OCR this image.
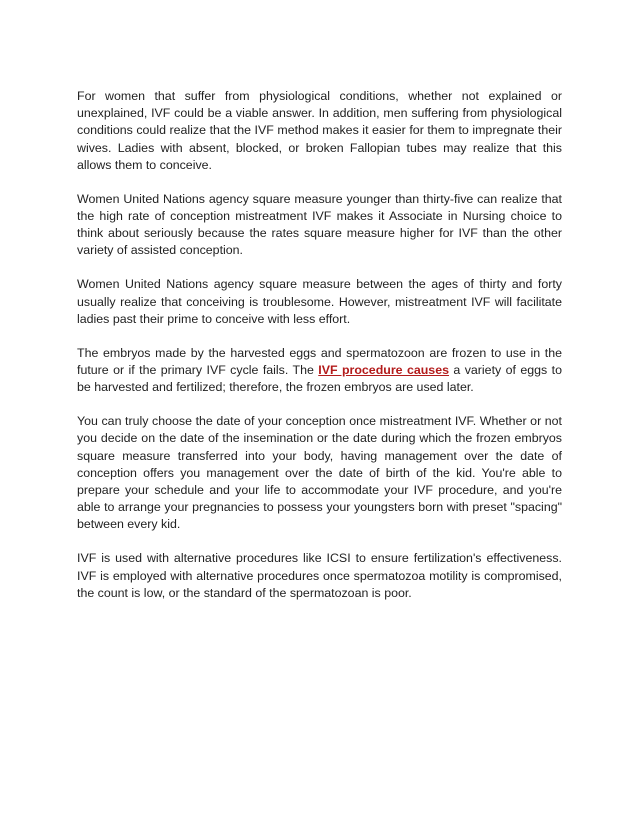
For women that suffer from physiological conditions, whether not explained or unexplained, IVF could be a viable answer. In addition, men suffering from physiological conditions could realize that the IVF method makes it easier for them to impregnate their wives. Ladies with absent, blocked, or broken Fallopian tubes may realize that this allows them to conceive.

Women United Nations agency square measure younger than thirty-five can realize that the high rate of conception mistreatment IVF makes it Associate in Nursing choice to think about seriously because the rates square measure higher for IVF than the other variety of assisted conception.

Women United Nations agency square measure between the ages of thirty and forty usually realize that conceiving is troublesome. However, mistreatment IVF will facilitate ladies past their prime to conceive with less effort.

The embryos made by the harvested eggs and spermatozoon are frozen to use in the future or if the primary IVF cycle fails. The IVF procedure causes a variety of eggs to be harvested and fertilized; therefore, the frozen embryos are used later.

You can truly choose the date of your conception once mistreatment IVF. Whether or not you decide on the date of the insemination or the date during which the frozen embryos square measure transferred into your body, having management over the date of conception offers you management over the date of birth of the kid. You're able to prepare your schedule and your life to accommodate your IVF procedure, and you're able to arrange your pregnancies to possess your youngsters born with preset "spacing" between every kid.

IVF is used with alternative procedures like ICSI to ensure fertilization's effectiveness. IVF is employed with alternative procedures once spermatozoa motility is compromised, the count is low, or the standard of the spermatozoan is poor.
